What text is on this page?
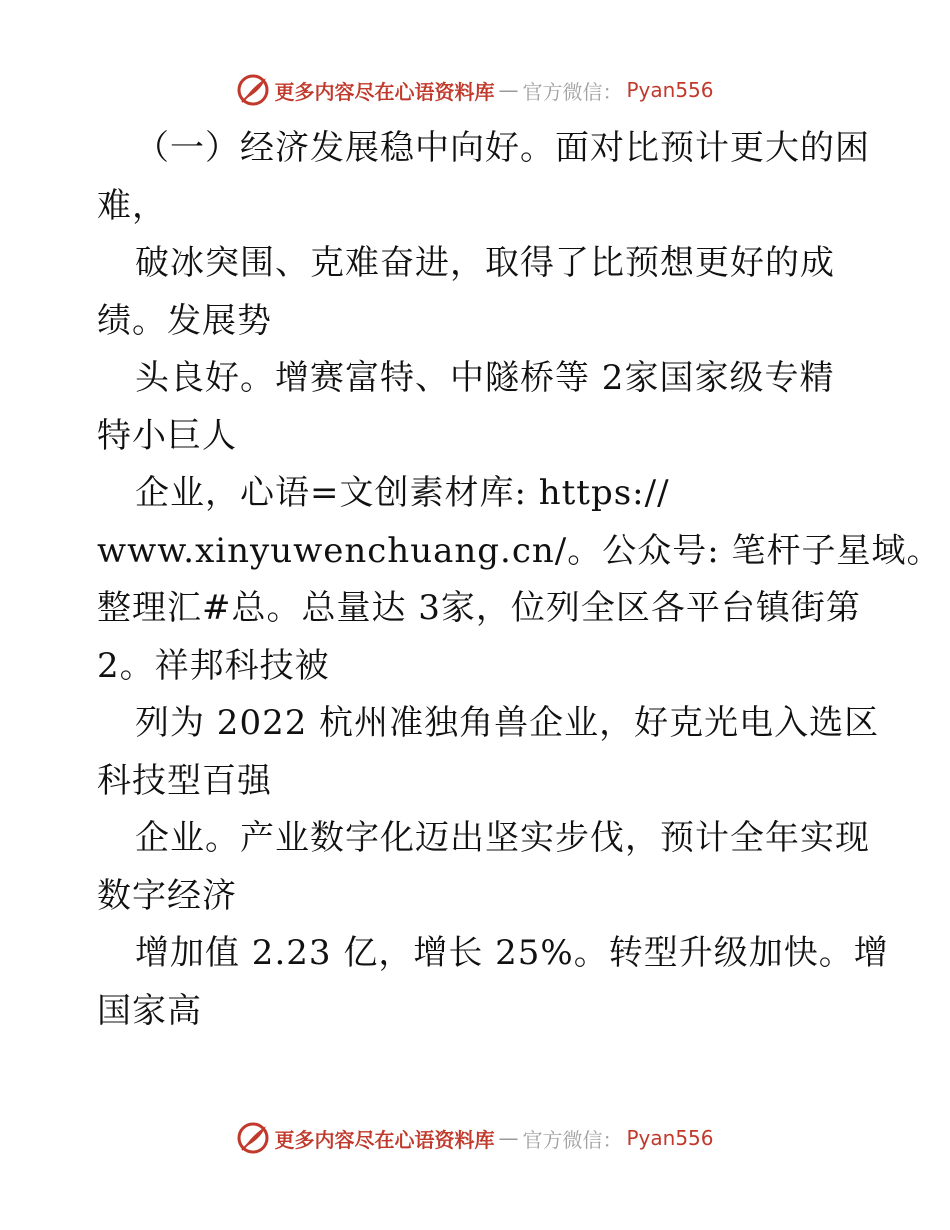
更多内容尽在心语资料库 — 官方微信： Pyan556
（一）经济发展稳中向好。面对比预计更大的困
难，
破冰突围、克难奋进，取得了比预想更好的成
绩。发展势
头良好。增赛富特、中隧桥等 2家国家级专精
特小巨人
企业，心语=文创素材库: https://
www.xinyuwenchuang.cn/。公众号: 笔杆子星域。
整理汇#总。总量达 3家，位列全区各平台镇街第
2。祥邦科技被
列为 2022 杭州准独角兽企业，好克光电入选区
科技型百强
企业。产业数字化迈出坚实步伐，预计全年实现
数字经济
增加值 2.23 亿，增长 25%。转型升级加快。增
国家高
更多内容尽在心语资料库 — 官方微信： Pyan556
